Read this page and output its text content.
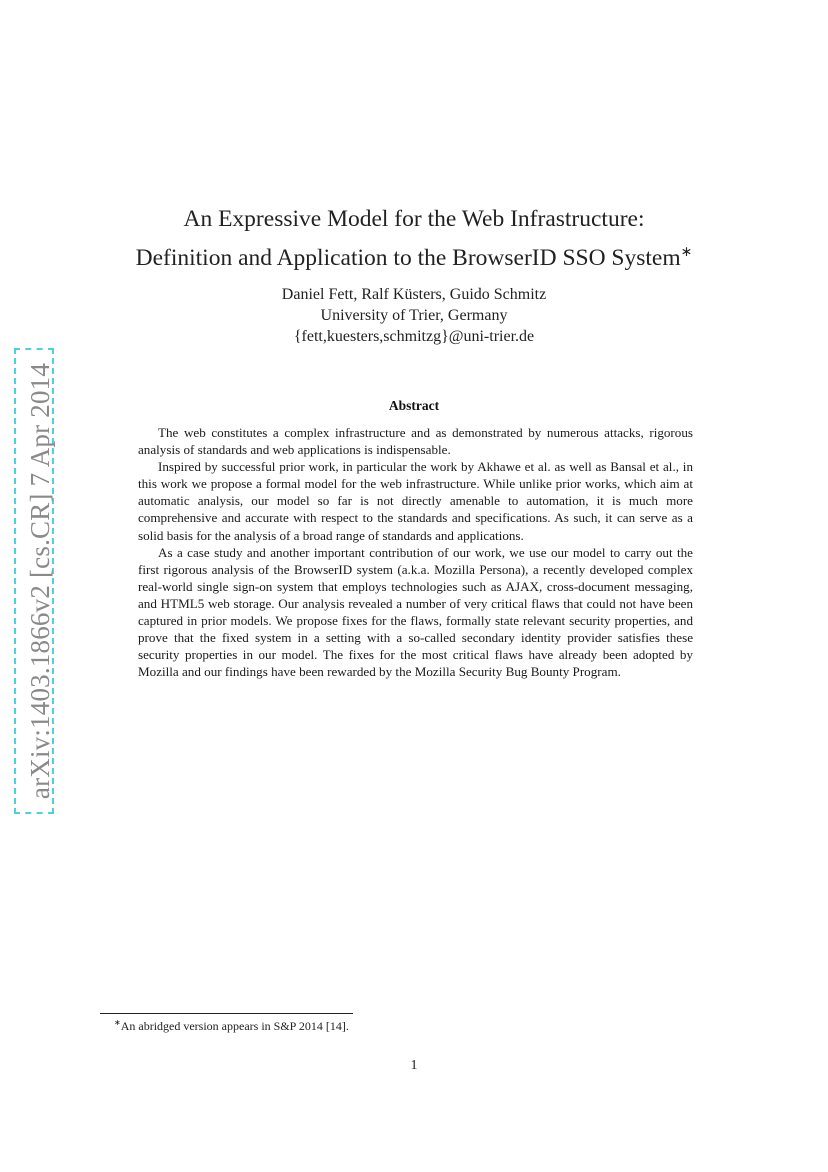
arXiv:1403.1866v2 [cs.CR] 7 Apr 2014
An Expressive Model for the Web Infrastructure:
Definition and Application to the BrowserID SSO System∗
Daniel Fett, Ralf Küsters, Guido Schmitz
University of Trier, Germany
{fett,kuesters,schmitzg}@uni-trier.de
Abstract

The web constitutes a complex infrastructure and as demonstrated by numerous attacks, rigorous analysis of standards and web applications is indispensable.

Inspired by successful prior work, in particular the work by Akhawe et al. as well as Bansal et al., in this work we propose a formal model for the web infrastructure. While unlike prior works, which aim at automatic analysis, our model so far is not directly amenable to automation, it is much more comprehensive and accurate with respect to the standards and specifications. As such, it can serve as a solid basis for the analysis of a broad range of standards and applications.

As a case study and another important contribution of our work, we use our model to carry out the first rigorous analysis of the BrowserID system (a.k.a. Mozilla Persona), a recently developed complex real-world single sign-on system that employs technologies such as AJAX, cross-document messaging, and HTML5 web storage. Our analysis revealed a number of very critical flaws that could not have been captured in prior models. We propose fixes for the flaws, formally state relevant security properties, and prove that the fixed system in a setting with a so-called secondary identity provider satisfies these security properties in our model. The fixes for the most critical flaws have already been adopted by Mozilla and our findings have been rewarded by the Mozilla Security Bug Bounty Program.

∗An abridged version appears in S&P 2014 [14].
1
